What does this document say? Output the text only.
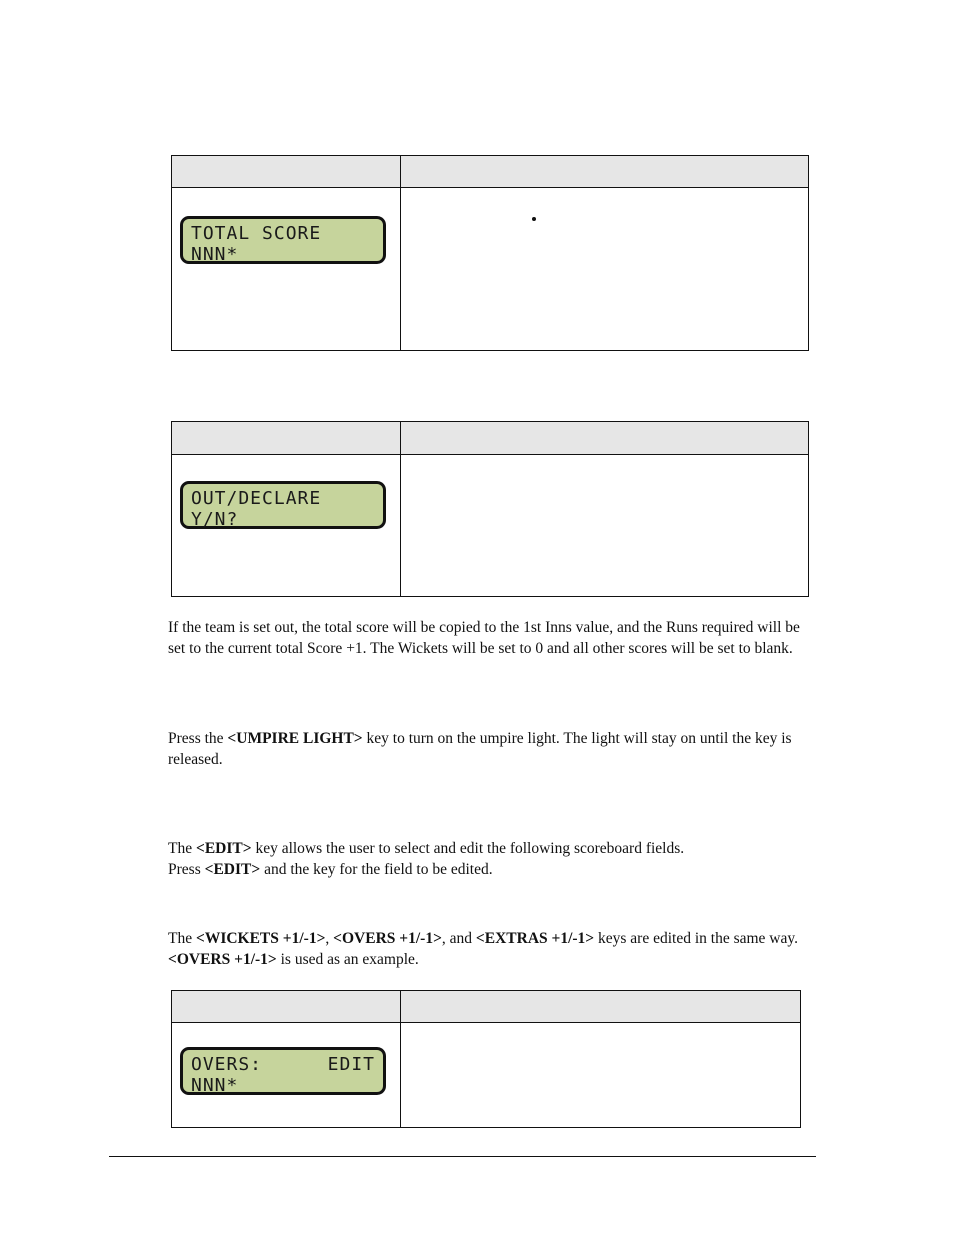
TOTAL SCORE
NNN*	

OUT/DECLARE
Y/N?	

If the team is set out, the total score will be copied to the 1st Inns value, and the Runs required will be set to the current total Score +1. The Wickets will be set to 0 and all other scores will be set to blank.

Press the <UMPIRE LIGHT> key to turn on the umpire light. The light will stay on until the key is released.

The <EDIT> key allows the user to select and edit the following scoreboard fields.
Press <EDIT> and the key for the field to be edited.

The <WICKETS +1/-1>, <OVERS +1/-1>, and <EXTRAS +1/-1> keys are edited in the same way. <OVERS +1/-1> is used as an example.

OVERS: EDIT
NNN*	
